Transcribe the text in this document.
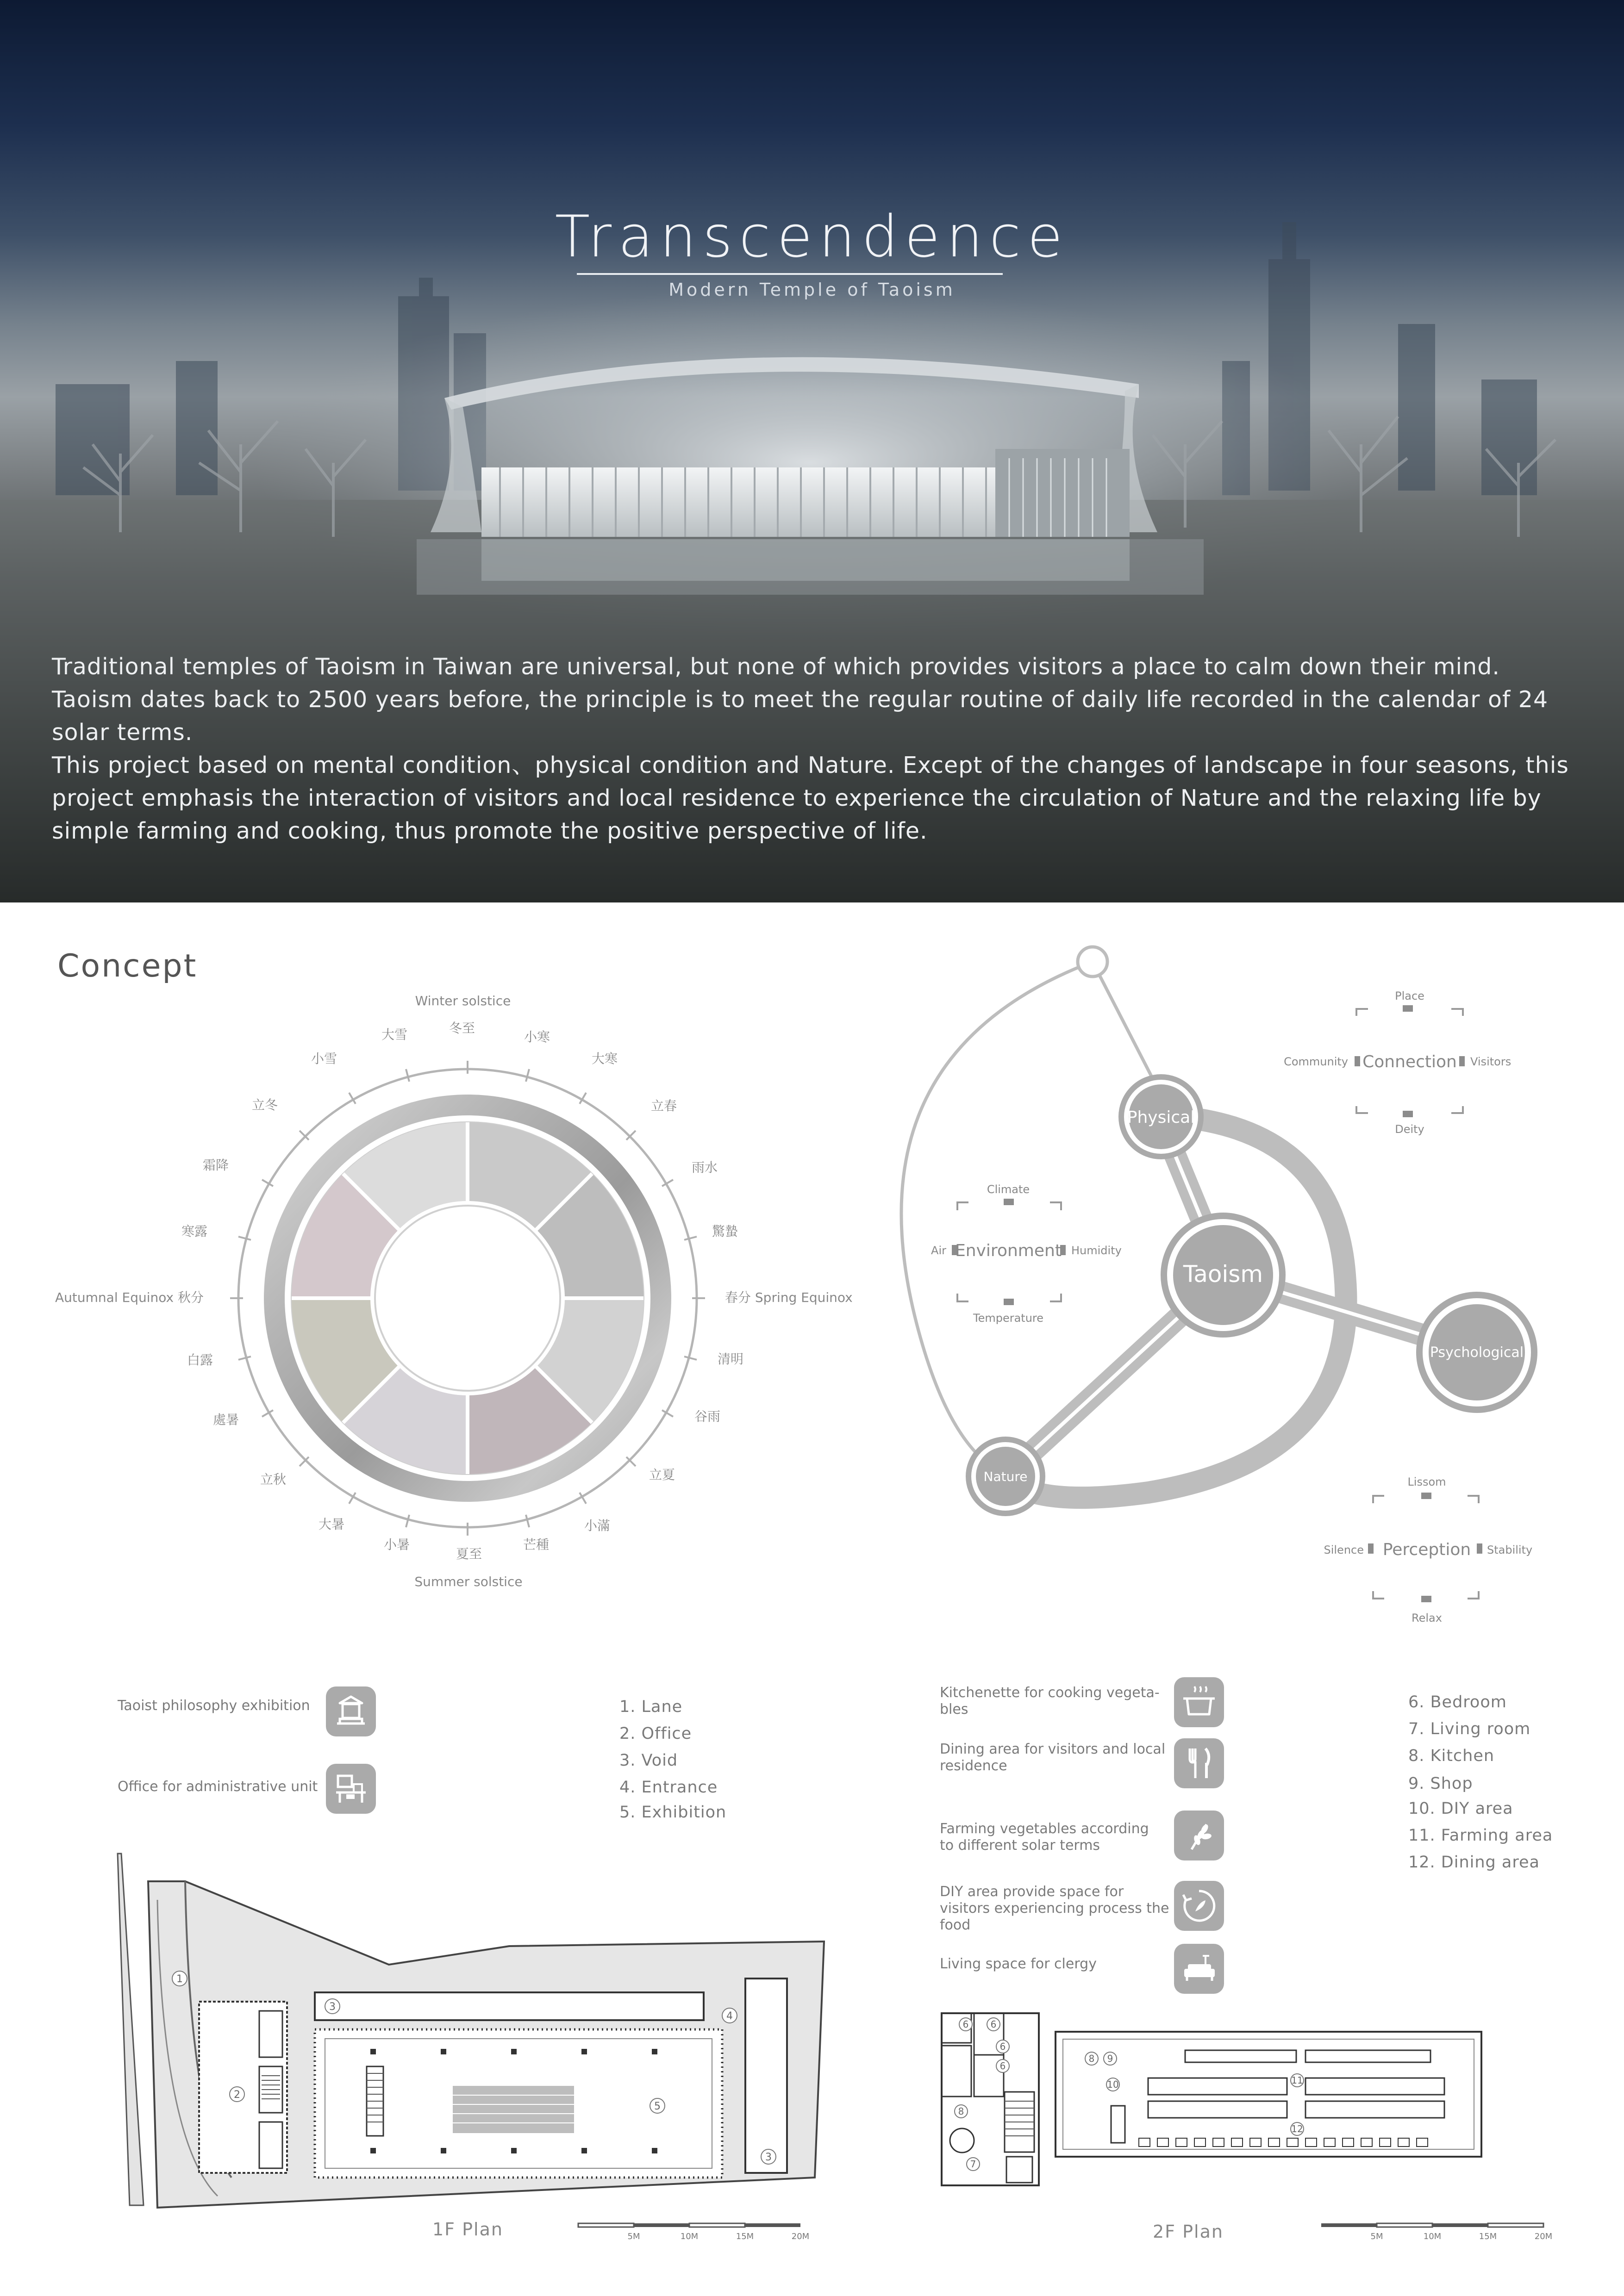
Transcendence
Modern Temple of Taoism

Traditional temples of Taoism in Taiwan are universal, but none of which provides visitors a place to calm down their mind. Taoism dates back to 2500 years before, the principle is to meet the regular routine of daily life recorded in the calendar of 24 solar terms.

This project based on mental condition、physical condition and Nature. Except of the changes of landscape in four seasons, this project emphasis the interaction of visitors and local residence to experience the circulation of Nature and the relaxing life by simple farming and cooking, thus promote the positive perspective of life.

Concept
Winter solstice
Summer solstice
春分 Spring Equinox
Autumnal Equinox 秋分
冬至
小寒
大寒
立春
雨水
驚蟄
清明
谷雨
立夏
小滿
芒種
夏至
小暑
大暑
立秋
處暑
白露
寒露
霜降
立冬
小雪
大雪
Taoism
Physical
Psychological
Nature
Connection
Place
Community	Visitors
Deity
Environment
Climate
Air	Humidity
Temperature
Perception
Lissom
Silence	Stability
Relax
Taoist philosophy exhibition
Office for administrative unit
1. Lane
2. Office
3. Void
4. Entrance
5. Exhibition
Kitchenette for cooking vegeta-
bles
Dining area for visitors and local
residence
Farming vegetables according
to different solar terms
DIY area provide space for
visitors experiencing process the
food
Living space for clergy
6. Bedroom
7. Living room
8. Kitchen
9. Shop
10. DIY area
11. Farming area
12. Dining area
1
2
3
4
5
3
1F Plan	5M	10M	15M	20M
6 6
6
6
7
8
8 9
10	11
12
2F Plan	5M	10M	15M	20M
